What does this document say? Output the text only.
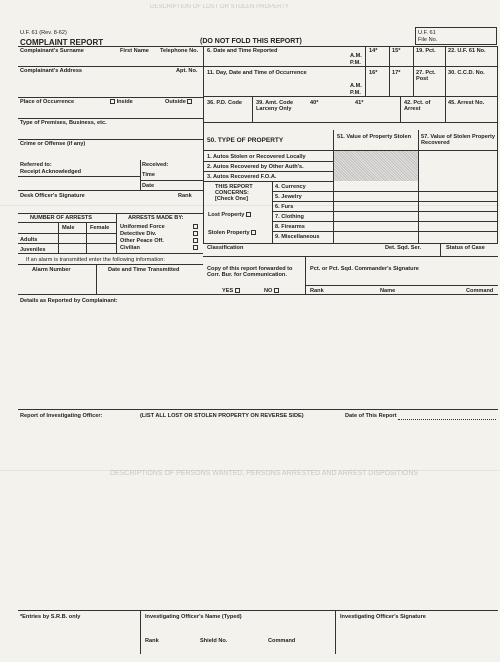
DESCRIPTION OF LOST OR STOLEN PROPERTY
DESCRIPTIONS OF PERSONS WANTED, PERSONS ARRESTED AND ARREST DISPOSITIONS
U.F. 61 (Rev. 8-62)
COMPLAINT REPORT	(DO NOT FOLD THIS REPORT)
U.F. 61
File No.
Complainant's Surname	First Name Telephone No.
Complainant's Address	Apt. No.
Place of Occurrence	Inside	Outside
Type of Premises, Business, etc.
Crime or Offense (if any)
Referred to:
Receipt Acknowledged
Received:
Time
Date
Desk Officer's Signature	Rank
NUMBER OF ARRESTS	ARRESTS MADE BY:
Male	Female
Adults
Juveniles
Uniformed Force
Detective Div.
Other Peace Off.
Civilian
If an alarm is transmitted enter the following information:
Alarm Number	Date and Time Transmitted
6. Date and Time Reported
A.M.
P.M.
11. Day, Date and Time of Occurrence
A.M.
P.M.
14*	15*	19. Pct. 22. U.F. 61 No.
16*	17*	27. Pct. Post
30. C.C.D. No.
36. P.D. Code	39. Amt. Code Larceny Only
40*	41*	42. Pct. of Arrest
45. Arrest No.
50. TYPE OF PROPERTY	51. Value of Property Stolen	57. Value of Stolen Property Recovered
1. Autos Stolen or Recovered Locally
2. Autos Recovered by Other Auth's.
3. Autos Recovered F.O.A.
THIS REPORT
CONCERNS:
[Check One]
Lost Property
Stolen Property
4. Currency
5. Jewelry
6. Furs
7. Clothing
8. Firearms
9. Miscellaneous
Classification	Det. Sqd. Ser.	Status of Case
Copy of this report forwarded to Corr. Bur. for Communication.
YES	NO
Pct. or Pct. Sqd. Commander's Signature
Rank	Name	Command
Details as Reported by Complainant:
Report of Investigating Officer:	(LIST ALL LOST OR STOLEN PROPERTY ON REVERSE SIDE)	Date of This Report
*Entries by S.R.B. only	Investigating Officer's Name (Typed)	Investigating Officer's Signature
Rank	Shield No.	Command
